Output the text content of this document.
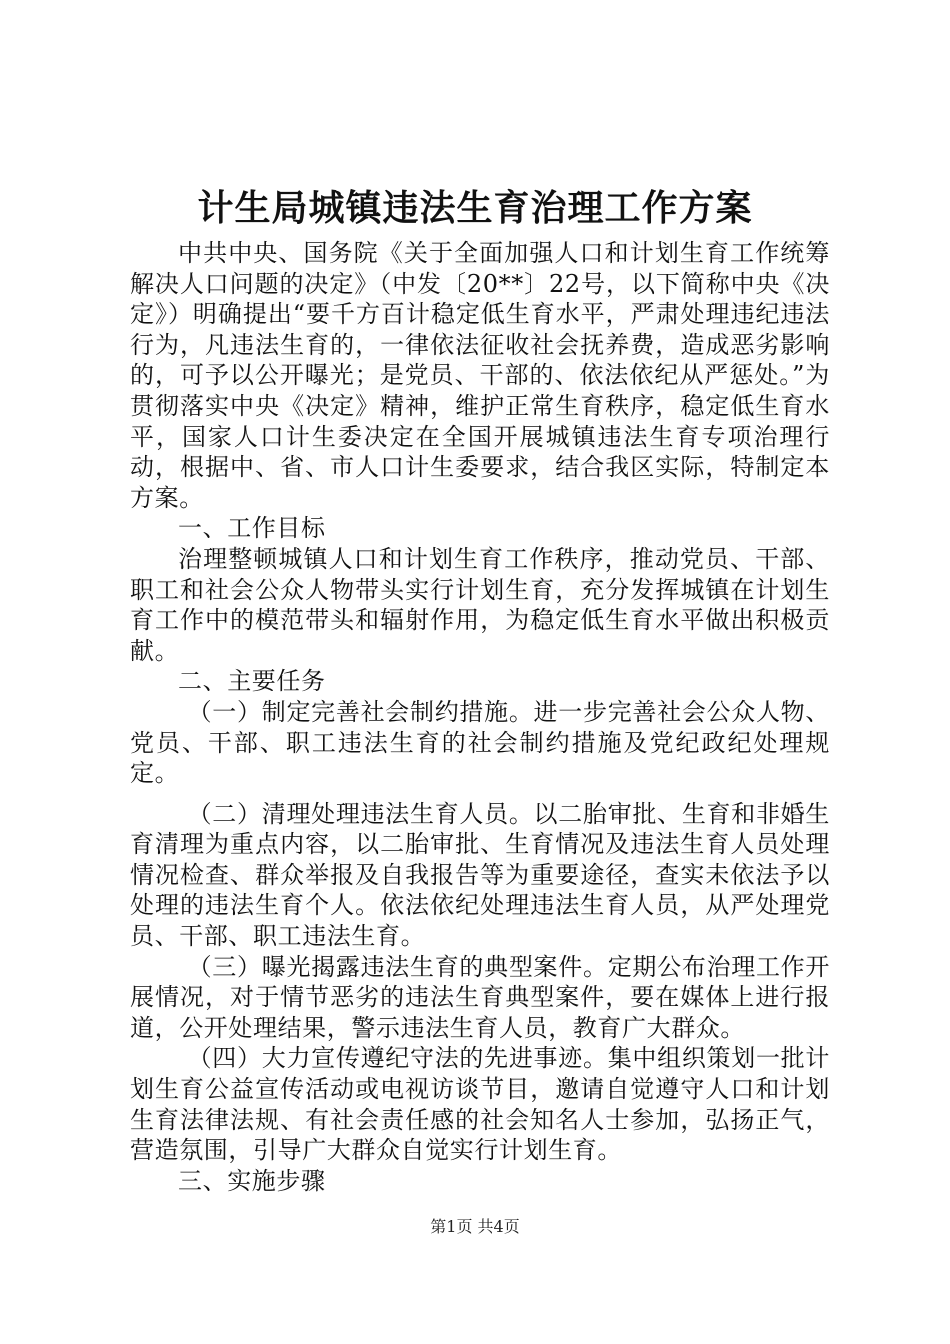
计生局城镇违法生育治理工作方案

中共中央、国务院《关于全面加强人口和计划生育工作统筹解决人口问题的决定》（中发〔20**〕22号，以下简称中央《决定》）明确提出“要千方百计稳定低生育水平，严肃处理违纪违法行为，凡违法生育的，一律依法征收社会抚养费，造成恶劣影响的，可予以公开曝光；是党员、干部的、依法依纪从严惩处。”为贯彻落实中央《决定》精神，维护正常生育秩序，稳定低生育水平，国家人口计生委决定在全国开展城镇违法生育专项治理行动，根据中、省、市人口计生委要求，结合我区实际，特制定本方案。

一、工作目标

治理整顿城镇人口和计划生育工作秩序，推动党员、干部、职工和社会公众人物带头实行计划生育，充分发挥城镇在计划生育工作中的模范带头和辐射作用，为稳定低生育水平做出积极贡献。

二、主要任务

（一）制定完善社会制约措施。进一步完善社会公众人物、党员、干部、职工违法生育的社会制约措施及党纪政纪处理规定。

（二）清理处理违法生育人员。以二胎审批、生育和非婚生育清理为重点内容，以二胎审批、生育情况及违法生育人员处理情况检查、群众举报及自我报告等为重要途径，查实未依法予以处理的违法生育个人。依法依纪处理违法生育人员，从严处理党员、干部、职工违法生育。

（三）曝光揭露违法生育的典型案件。定期公布治理工作开展情况，对于情节恶劣的违法生育典型案件，要在媒体上进行报道，公开处理结果，警示违法生育人员，教育广大群众。

（四）大力宣传遵纪守法的先进事迹。集中组织策划一批计划生育公益宣传活动或电视访谈节目，邀请自觉遵守人口和计划生育法律法规、有社会责任感的社会知名人士参加，弘扬正气，营造氛围，引导广大群众自觉实行计划生育。

三、实施步骤

第1页 共4页
